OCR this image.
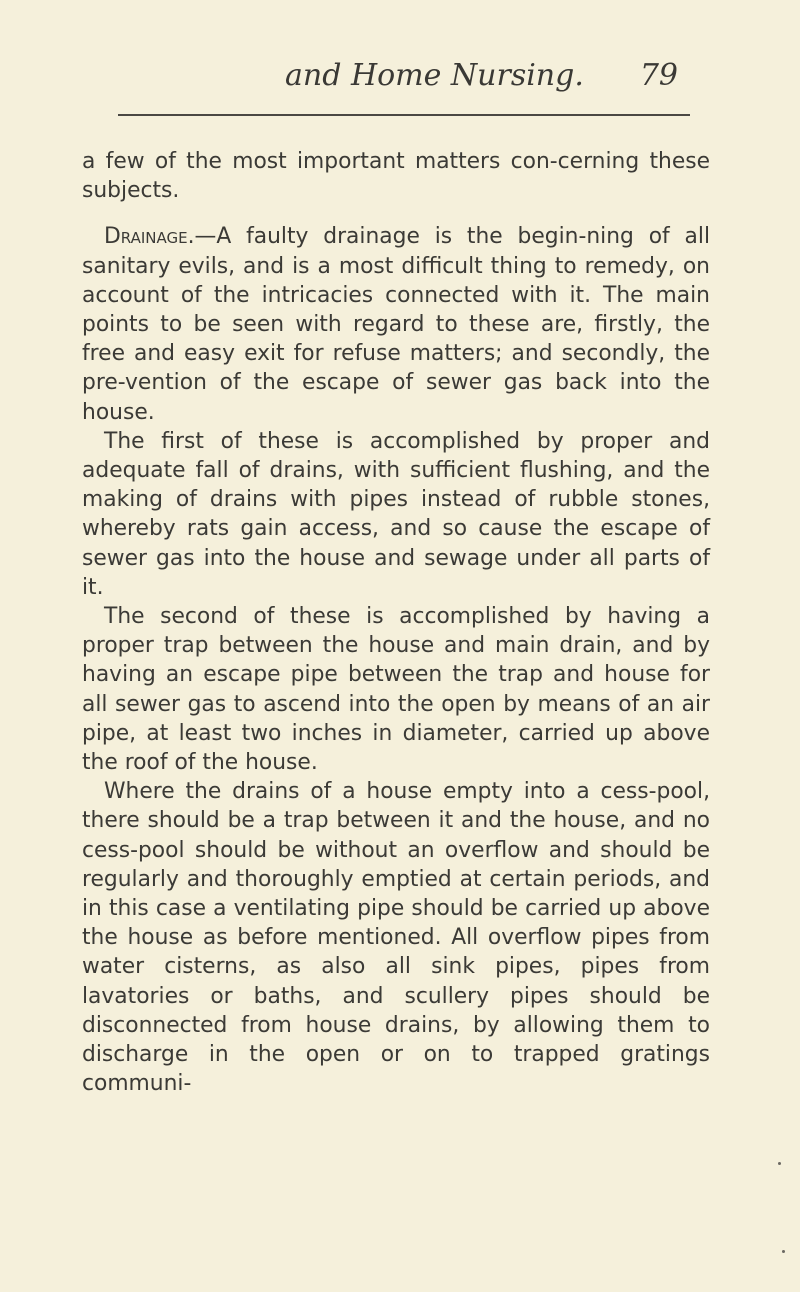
and Home Nursing. 79

a few of the most important matters con-cerning these subjects.

Drainage.—A faulty drainage is the begin-ning of all sanitary evils, and is a most difficult thing to remedy, on account of the intricacies connected with it. The main points to be seen with regard to these are, firstly, the free and easy exit for refuse matters; and secondly, the pre-vention of the escape of sewer gas back into the house.

The first of these is accomplished by proper and adequate fall of drains, with sufficient flushing, and the making of drains with pipes instead of rubble stones, whereby rats gain access, and so cause the escape of sewer gas into the house and sewage under all parts of it.

The second of these is accomplished by having a proper trap between the house and main drain, and by having an escape pipe between the trap and house for all sewer gas to ascend into the open by means of an air pipe, at least two inches in diameter, carried up above the roof of the house.

Where the drains of a house empty into a cess-pool, there should be a trap between it and the house, and no cess-pool should be without an overflow and should be regularly and thoroughly emptied at certain periods, and in this case a ventilating pipe should be carried up above the house as before mentioned. All overflow pipes from water cisterns, as also all sink pipes, pipes from lavatories or baths, and scullery pipes should be disconnected from house drains, by allowing them to discharge in the open or on to trapped gratings communi-
